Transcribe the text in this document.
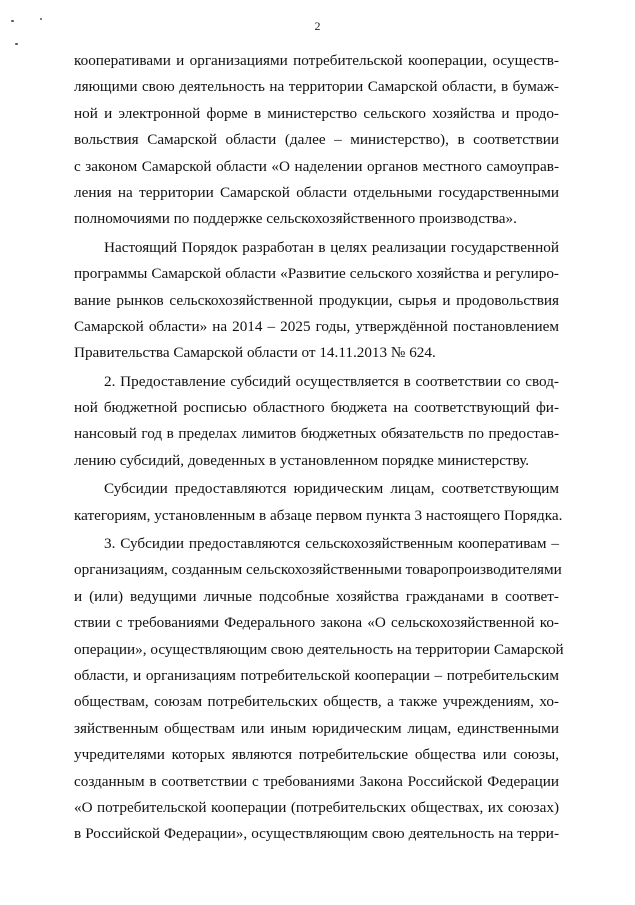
2
кооперативами и организациями потребительской кооперации, осуществ-
ляющими свою деятельность на территории Самарской области, в бумаж-
ной и электронной форме в министерство сельского хозяйства и продо-
вольствия Самарской области (далее – министерство), в соответствии
с законом Самарской области «О наделении органов местного самоуправ-
ления на территории Самарской области отдельными государственными
полномочиями по поддержке сельскохозяйственного производства».
Настоящий Порядок разработан в целях реализации государственной
программы Самарской области «Развитие сельского хозяйства и регулиро-
вание рынков сельскохозяйственной продукции, сырья и продовольствия
Самарской области» на 2014 – 2025 годы, утверждённой постановлением
Правительства Самарской области от 14.11.2013 № 624.
2. Предоставление субсидий осуществляется в соответствии со свод-
ной бюджетной росписью областного бюджета на соответствующий фи-
нансовый год в пределах лимитов бюджетных обязательств по предостав-
лению субсидий, доведенных в установленном порядке министерству.
Субсидии предоставляются юридическим лицам, соответствующим
категориям, установленным в абзаце первом пункта 3 настоящего Порядка.
3. Субсидии предоставляются сельскохозяйственным кооперативам –
организациям, созданным сельскохозяйственными товаропроизводителями
и (или) ведущими личные подсобные хозяйства гражданами в соответ-
ствии с требованиями Федерального закона «О сельскохозяйственной ко-
операции», осуществляющим свою деятельность на территории Самарской
области, и организациям потребительской кооперации – потребительским
обществам, союзам потребительских обществ, а также учреждениям, хо-
зяйственным обществам или иным юридическим лицам, единственными
учредителями которых являются потребительские общества или союзы,
созданным в соответствии с требованиями Закона Российской Федерации
«О потребительской кооперации (потребительских обществах, их союзах)
в Российской Федерации», осуществляющим свою деятельность на терри-
